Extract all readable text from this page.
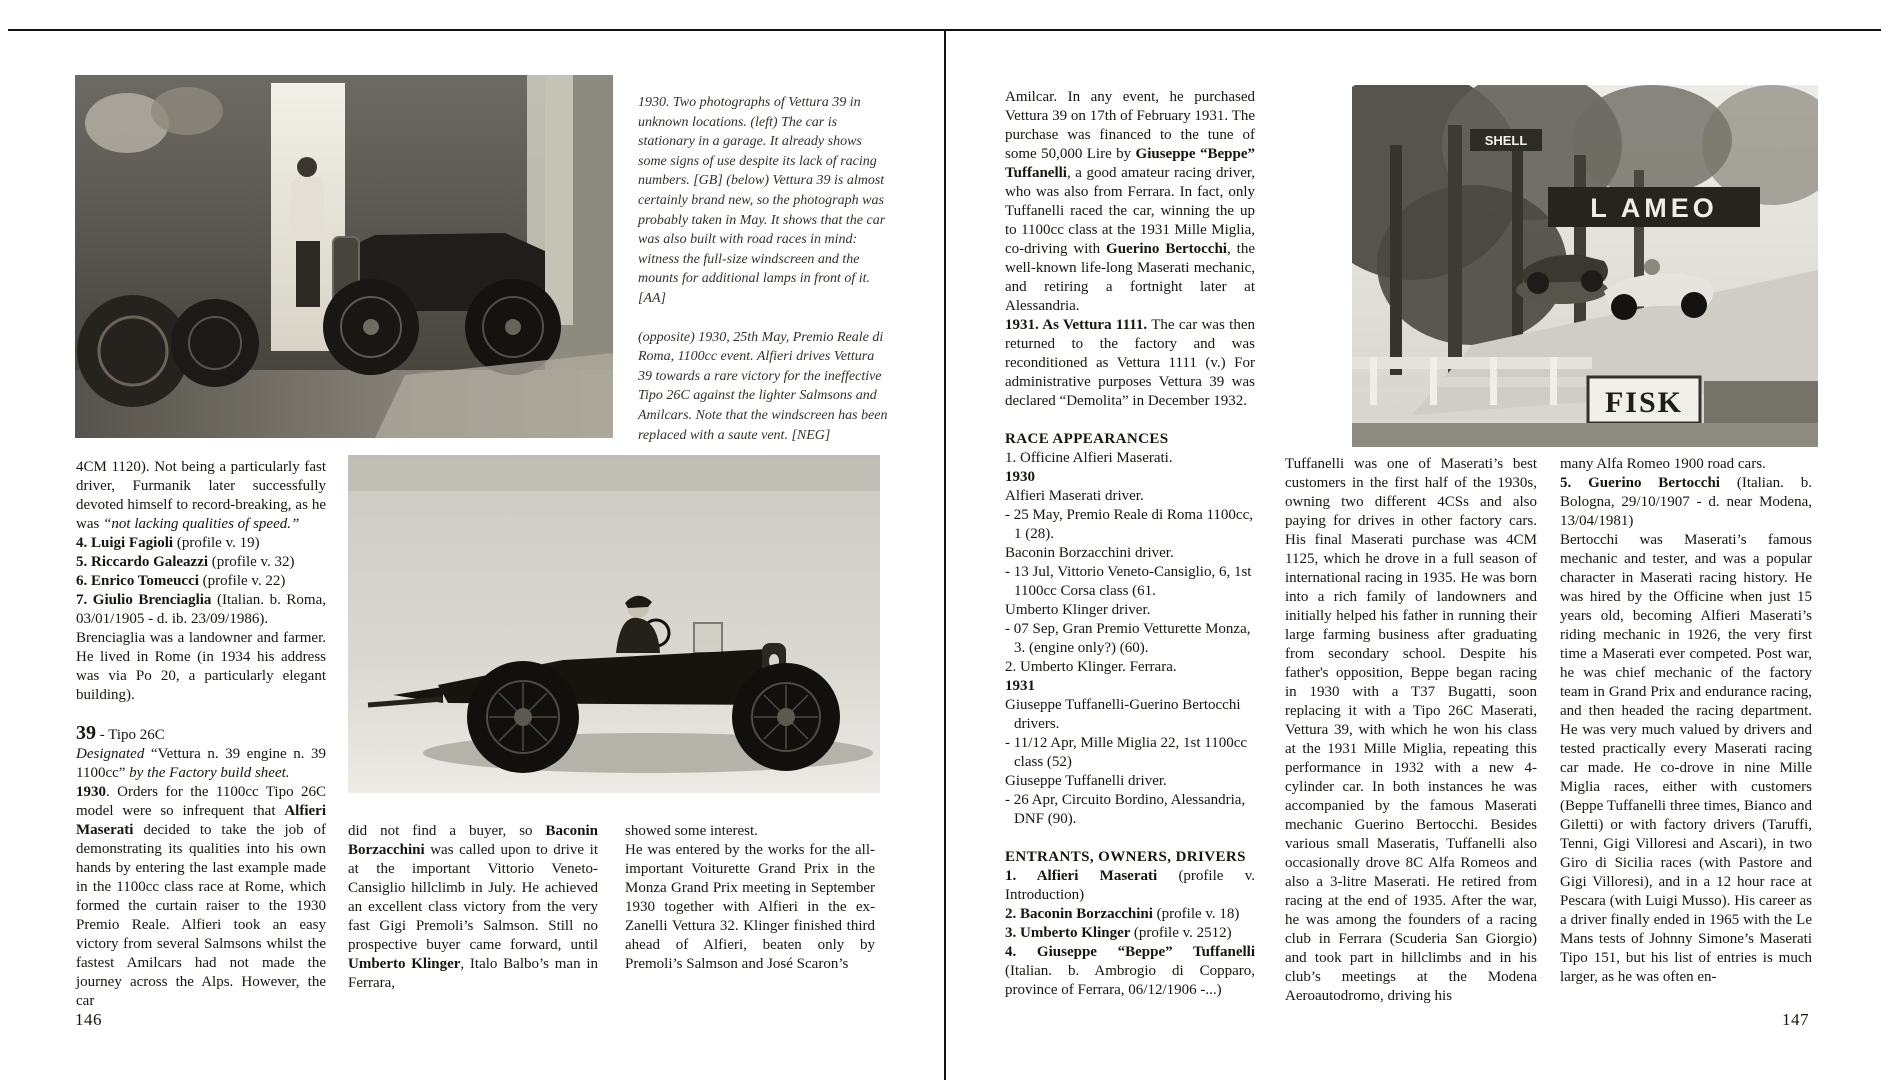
1930. Two photographs of Vettura 39 in unknown locations. (left) The car is stationary in a garage. It already shows some signs of use despite its lack of racing numbers. [GB] (below) Vettura 39 is almost certainly brand new, so the photograph was probably taken in May. It shows that the car was also built with road races in mind: witness the full-size windscreen and the mounts for additional lamps in front of it. [AA]
(opposite) 1930, 25th May, Premio Reale di Roma, 1100cc event. Alfieri drives Vettura 39 towards a rare victory for the ineffective Tipo 26C against the lighter Salmsons and Amilcars. Note that the windscreen has been replaced with a saute vent. [NEG]
4CM 1120). Not being a particularly fast driver, Furmanik later successfully devoted himself to record-breaking, as he was “not lacking qualities of speed.”
4. Luigi Fagioli (profile v. 19)
5. Riccardo Galeazzi (profile v. 32)
6. Enrico Tomeucci (profile v. 22)
7. Giulio Brenciaglia (Italian. b. Roma, 03/01/1905 - d. ib. 23/09/1986).
Brenciaglia was a landowner and farmer. He lived in Rome (in 1934 his address was via Po 20, a particularly elegant building).
39 - Tipo 26C
Designated “Vettura n. 39 engine n. 39 1100cc” by the Factory build sheet.
1930. Orders for the 1100cc Tipo 26C model were so infrequent that Alfieri Maserati decided to take the job of demonstrating its qualities into his own hands by entering the last example made in the 1100cc class race at Rome, which formed the curtain raiser to the 1930 Premio Reale. Alfieri took an easy victory from several Salmsons whilst the fastest Amilcars had not made the journey across the Alps. However, the car
did not find a buyer, so Baconin Borzacchini was called upon to drive it at the important Vittorio Veneto-Cansiglio hillclimb in July. He achieved an excellent class victory from the very fast Gigi Premoli’s Salmson. Still no prospective buyer came forward, until Umberto Klinger, Italo Balbo’s man in Ferrara,
showed some interest.
He was entered by the works for the all-important Voiturette Grand Prix in the Monza Grand Prix meeting in September 1930 together with Alfieri in the ex-Zanelli Vettura 32. Klinger finished third ahead of Alfieri, beaten only by Premoli’s Salmson and José Scaron’s
146
Amilcar. In any event, he purchased Vettura 39 on 17th of February 1931. The purchase was financed to the tune of some 50,000 Lire by Giuseppe “Beppe” Tuffanelli, a good amateur racing driver, who was also from Ferrara. In fact, only Tuffanelli raced the car, winning the up to 1100cc class at the 1931 Mille Miglia, co-driving with Guerino Bertocchi, the well-known life-long Maserati mechanic, and retiring a fortnight later at Alessandria.
1931. As Vettura 1111. The car was then returned to the factory and was reconditioned as Vettura 1111 (v.) For administrative purposes Vettura 39 was declared “Demolita” in December 1932.
RACE APPEARANCES
1. Officine Alfieri Maserati.
1930
Alfieri Maserati driver.
- 25 May, Premio Reale di Roma 1100cc, 1 (28).
Baconin Borzacchini driver.
- 13 Jul, Vittorio Veneto-Cansiglio, 6, 1st 1100cc Corsa class (61.
Umberto Klinger driver.
- 07 Sep, Gran Premio Vetturette Monza, 3. (engine only?) (60).
2. Umberto Klinger. Ferrara.
1931
Giuseppe Tuffanelli-Guerino Bertocchi drivers.
- 11/12 Apr, Mille Miglia 22, 1st 1100cc class (52)
Giuseppe Tuffanelli driver.
- 26 Apr, Circuito Bordino, Alessandria, DNF (90).
ENTRANTS, OWNERS, DRIVERS
1. Alfieri Maserati (profile v. Introduction)
2. Baconin Borzacchini (profile v. 18)
3. Umberto Klinger (profile v. 2512)
4. Giuseppe “Beppe” Tuffanelli (Italian. b. Ambrogio di Copparo, province of Ferrara, 06/12/1906 -...)
SHELL
L AMEO
FISK
Tuffanelli was one of Maserati’s best customers in the first half of the 1930s, owning two different 4CSs and also paying for drives in other factory cars. His final Maserati purchase was 4CM 1125, which he drove in a full season of international racing in 1935. He was born into a rich family of landowners and initially helped his father in running their large farming business after graduating from secondary school. Despite his father's opposition, Beppe began racing in 1930 with a T37 Bugatti, soon replacing it with a Tipo 26C Maserati, Vettura 39, with which he won his class at the 1931 Mille Miglia, repeating this performance in 1932 with a new 4-cylinder car. In both instances he was accompanied by the famous Maserati mechanic Guerino Bertocchi. Besides various small Maseratis, Tuffanelli also occasionally drove 8C Alfa Romeos and also a 3-litre Maserati. He retired from racing at the end of 1935. After the war, he was among the founders of a racing club in Ferrara (Scuderia San Giorgio) and took part in hillclimbs and in his club’s meetings at the Modena Aeroautodromo, driving his
many Alfa Romeo 1900 road cars.
5. Guerino Bertocchi (Italian. b. Bologna, 29/10/1907 - d. near Modena, 13/04/1981)
Bertocchi was Maserati’s famous mechanic and tester, and was a popular character in Maserati racing history. He was hired by the Officine when just 15 years old, becoming Alfieri Maserati’s riding mechanic in 1926, the very first time a Maserati ever competed. Post war, he was chief mechanic of the factory team in Grand Prix and endurance racing, and then headed the racing department. He was very much valued by drivers and tested practically every Maserati racing car made. He co-drove in nine Mille Miglia races, either with customers (Beppe Tuffanelli three times, Bianco and Giletti) or with factory drivers (Taruffi, Tenni, Gigi Villoresi and Ascari), in two Giro di Sicilia races (with Pastore and Gigi Villoresi), and in a 12 hour race at Pescara (with Luigi Musso). His career as a driver finally ended in 1965 with the Le Mans tests of Johnny Simone’s Maserati Tipo 151, but his list of entries is much larger, as he was often en-
147
